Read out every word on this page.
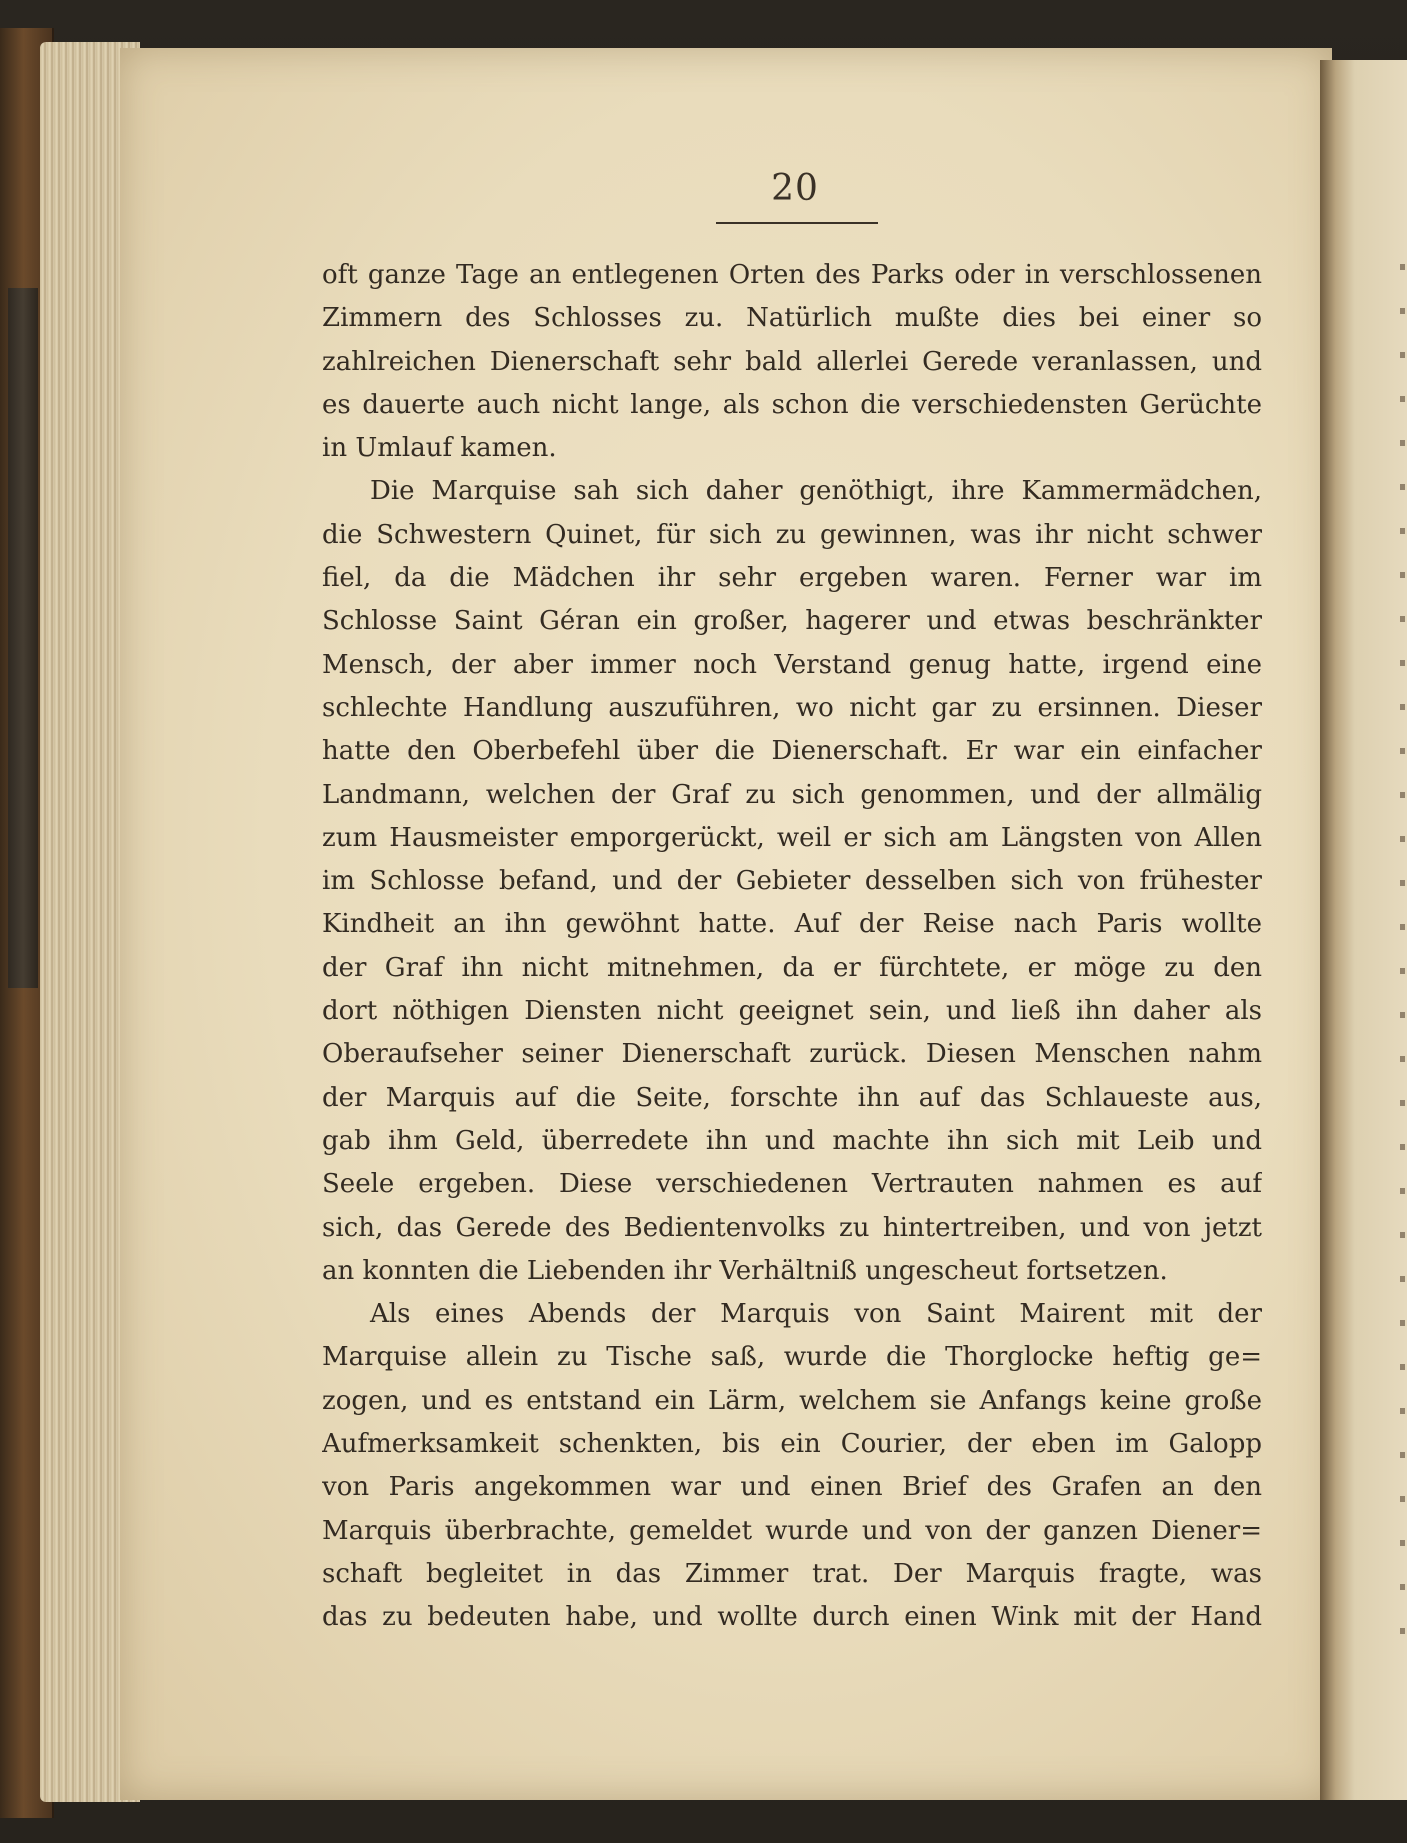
20
oft ganze Tage an entlegenen Orten des Parks oder in verschlossenen
Zimmern des Schlosses zu. Natürlich mußte dies bei einer so
zahlreichen Dienerschaft sehr bald allerlei Gerede veranlassen, und
es dauerte auch nicht lange, als schon die verschiedensten Gerüchte
in Umlauf kamen.
Die Marquise sah sich daher genöthigt, ihre Kammermädchen,
die Schwestern Quinet, für sich zu gewinnen, was ihr nicht schwer
fiel, da die Mädchen ihr sehr ergeben waren. Ferner war im
Schlosse Saint Géran ein großer, hagerer und etwas beschränkter
Mensch, der aber immer noch Verstand genug hatte, irgend eine
schlechte Handlung auszuführen, wo nicht gar zu ersinnen. Dieser
hatte den Oberbefehl über die Dienerschaft. Er war ein einfacher
Landmann, welchen der Graf zu sich genommen, und der allmälig
zum Hausmeister emporgerückt, weil er sich am Längsten von Allen
im Schlosse befand, und der Gebieter desselben sich von frühester
Kindheit an ihn gewöhnt hatte. Auf der Reise nach Paris wollte
der Graf ihn nicht mitnehmen, da er fürchtete, er möge zu den
dort nöthigen Diensten nicht geeignet sein, und ließ ihn daher als
Oberaufseher seiner Dienerschaft zurück. Diesen Menschen nahm
der Marquis auf die Seite, forschte ihn auf das Schlaueste aus,
gab ihm Geld, überredete ihn und machte ihn sich mit Leib und
Seele ergeben. Diese verschiedenen Vertrauten nahmen es auf
sich, das Gerede des Bedientenvolks zu hintertreiben, und von jetzt
an konnten die Liebenden ihr Verhältniß ungescheut fortsetzen.
Als eines Abends der Marquis von Saint Mairent mit der
Marquise allein zu Tische saß, wurde die Thorglocke heftig ge=
zogen, und es entstand ein Lärm, welchem sie Anfangs keine große
Aufmerksamkeit schenkten, bis ein Courier, der eben im Galopp
von Paris angekommen war und einen Brief des Grafen an den
Marquis überbrachte, gemeldet wurde und von der ganzen Diener=
schaft begleitet in das Zimmer trat. Der Marquis fragte, was
das zu bedeuten habe, und wollte durch einen Wink mit der Hand
